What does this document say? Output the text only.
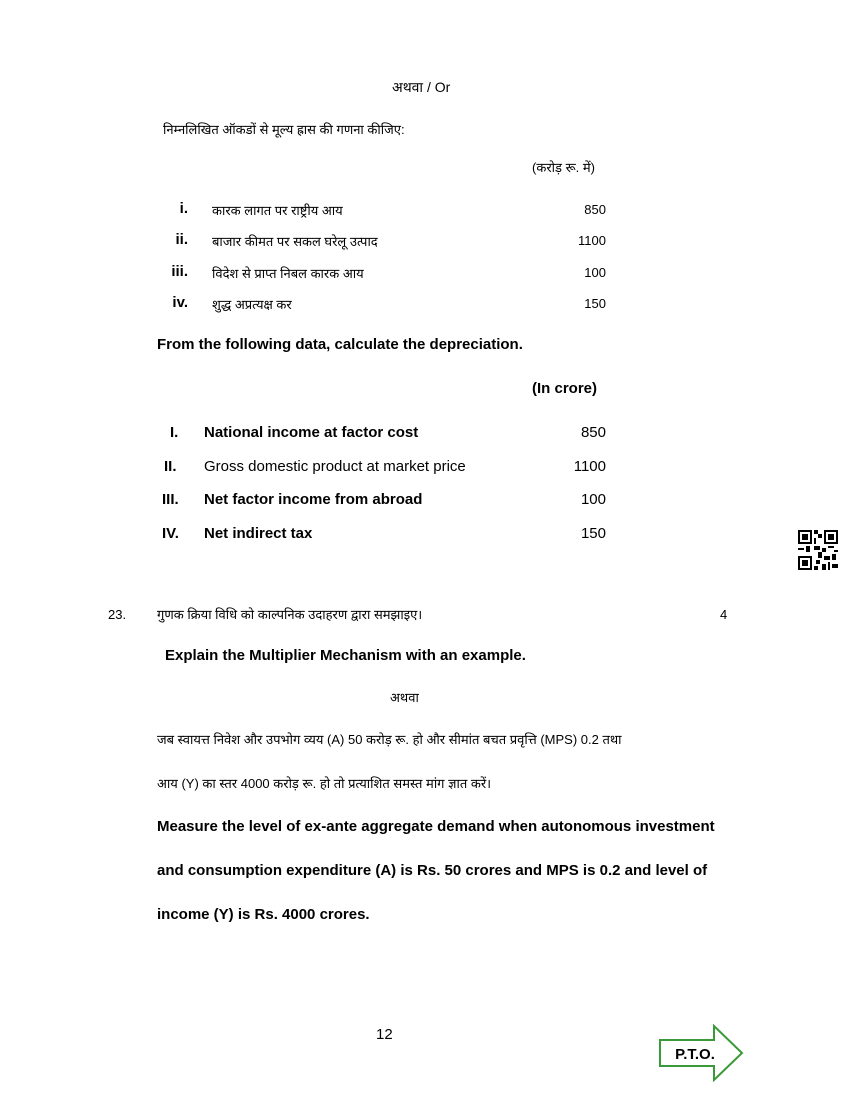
अथवा / Or
निम्नलिखित ऑकडों से मूल्य ह्रास की गणना कीजिए:
(करोड़ रू. में)
i. कारक लागत पर राष्ट्रीय आय	850
ii. बाजार कीमत पर सकल घरेलू उत्पाद	1100
iii. विदेश से प्राप्त निबल कारक आय	100
iv. शुद्ध अप्रत्यक्ष कर	150
From the following data, calculate the depreciation.
(In crore)
I.	National income at factor cost	850
II.	Gross domestic product at market price	1100
III.	Net factor income from abroad	100
IV.	Net indirect tax	150
23. गुणक क्रिया विधि को काल्पनिक उदाहरण द्वारा समझाइए।	4
Explain the Multiplier Mechanism with an example.
अथवा
जब स्वायत्त निवेश और उपभोग व्यय (A) 50 करोड़ रू. हो और सीमांत बचत प्रवृत्ति (MPS) 0.2 तथा
आय (Y) का स्तर 4000 करोड़ रू. हो तो प्रत्याशित समस्त मांग ज्ञात करें।
Measure the level of ex-ante aggregate demand when autonomous investment
and consumption expenditure (A) is Rs. 50 crores and MPS is 0.2 and level of
income (Y) is Rs. 4000 crores.
12
P.T.O.
